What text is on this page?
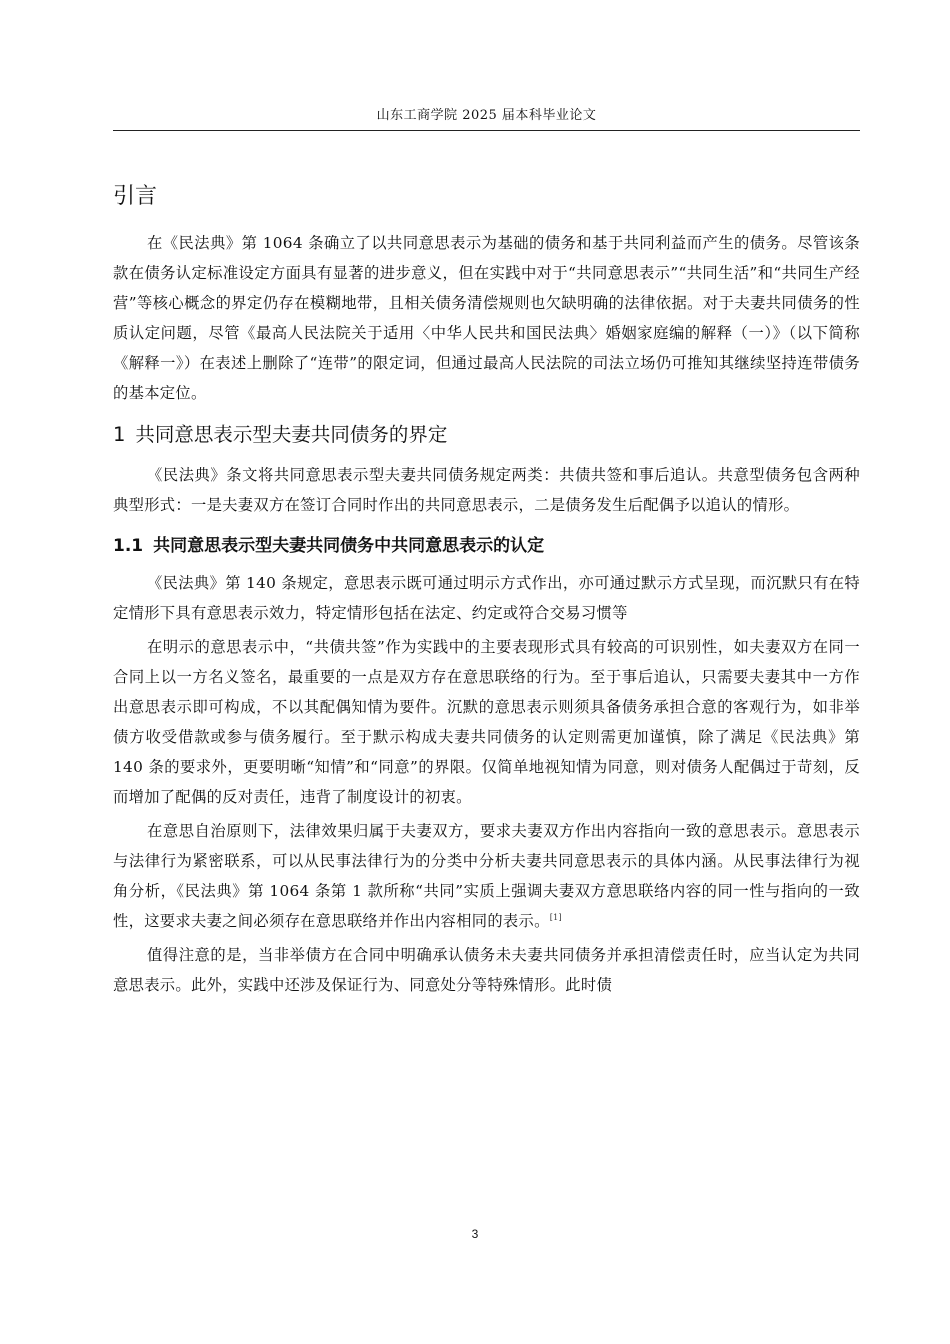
山东工商学院 2025 届本科毕业论文
引言

在《民法典》第 1064 条确立了以共同意思表示为基础的债务和基于共同利益而产生的债务。尽管该条款在债务认定标准设定方面具有显著的进步意义，但在实践中对于“共同意思表示”“共同生活”和“共同生产经营”等核心概念的界定仍存在模糊地带，且相关债务清偿规则也欠缺明确的法律依据。对于夫妻共同债务的性质认定问题，尽管《最高人民法院关于适用〈中华人民共和国民法典〉婚姻家庭编的解释（一）》（以下简称《解释一》）在表述上删除了“连带”的限定词，但通过最高人民法院的司法立场仍可推知其继续坚持连带债务的基本定位。

1 共同意思表示型夫妻共同债务的界定

《民法典》条文将共同意思表示型夫妻共同债务规定两类：共债共签和事后追认。共意型债务包含两种典型形式：一是夫妻双方在签订合同时作出的共同意思表示，二是债务发生后配偶予以追认的情形。

1.1 共同意思表示型夫妻共同债务中共同意思表示的认定

《民法典》第 140 条规定，意思表示既可通过明示方式作出，亦可通过默示方式呈现，而沉默只有在特定情形下具有意思表示效力，特定情形包括在法定、约定或符合交易习惯等

在明示的意思表示中，“共债共签”作为实践中的主要表现形式具有较高的可识别性，如夫妻双方在同一合同上以一方名义签名，最重要的一点是双方存在意思联络的行为。至于事后追认，只需要夫妻其中一方作出意思表示即可构成，不以其配偶知情为要件。沉默的意思表示则须具备债务承担合意的客观行为，如非举债方收受借款或参与债务履行。至于默示构成夫妻共同债务的认定则需更加谨慎，除了满足《民法典》第 140 条的要求外，更要明晰“知情”和“同意”的界限。仅简单地视知情为同意，则对债务人配偶过于苛刻，反而增加了配偶的反对责任，违背了制度设计的初衷。

在意思自治原则下，法律效果归属于夫妻双方，要求夫妻双方作出内容指向一致的意思表示。意思表示与法律行为紧密联系，可以从民事法律行为的分类中分析夫妻共同意思表示的具体内涵。从民事法律行为视角分析，《民法典》第 1064 条第 1 款所称“共同”实质上强调夫妻双方意思联络内容的同一性与指向的一致性，这要求夫妻之间必须存在意思联络并作出内容相同的表示。[1]

值得注意的是，当非举债方在合同中明确承认债务未夫妻共同债务并承担清偿责任时，应当认定为共同意思表示。此外，实践中还涉及保证行为、同意处分等特殊情形。此时债

3
